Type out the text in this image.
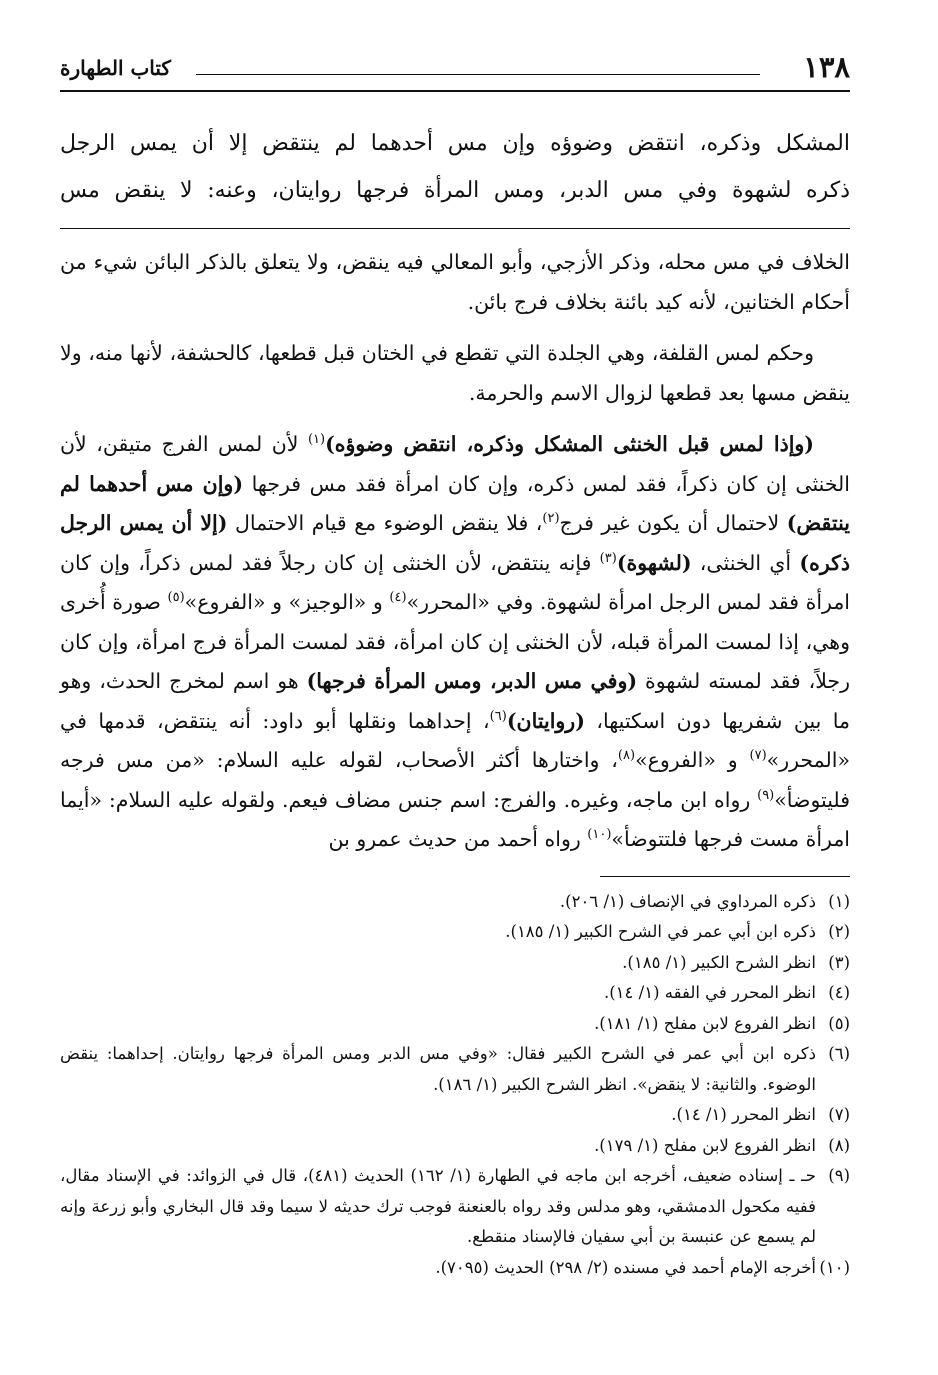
١٣٨
كتاب الطهارة

المشكل وذكره، انتقض وضوؤه وإن مس أحدهما لم ينتقض إلا أن يمس الرجل

ذكره لشهوة وفي مس الدبر، ومس المرأة فرجها روايتان، وعنه: لا ينقض مس

الخلاف في مس محله، وذكر الأزجي، وأبو المعالي فيه ينقض، ولا يتعلق بالذكر البائن شيء من أحكام الختانين، لأنه كيد بائنة بخلاف فرج بائن.

وحكم لمس القلفة، وهي الجلدة التي تقطع في الختان قبل قطعها، كالحشفة، لأنها منه، ولا ينقض مسها بعد قطعها لزوال الاسم والحرمة.

(وإذا لمس قبل الخنثى المشكل وذكره، انتقض وضوؤه)$^{(١)}$ لأن لمس الفرج متيقن، لأن الخنثى إن كان ذكراً، فقد لمس ذكره، وإن كان امرأة فقد مس فرجها (وإن مس أحدهما لم ينتقض) لاحتمال أن يكون غير فرج$^{(٢)}$، فلا ينقض الوضوء مع قيام الاحتمال (إلا أن يمس الرجل ذكره) أي الخنثى، (لشهوة)$^{(٣)}$ فإنه ينتقض، لأن الخنثى إن كان رجلاً فقد لمس ذكراً، وإن كان امرأة فقد لمس الرجل امرأة لشهوة. وفي «المحرر»$^{(٤)}$ و «الوجيز» و «الفروع»$^{(٥)}$ صورة أُخرى وهي، إذا لمست المرأة قبله، لأن الخنثى إن كان امرأة، فقد لمست المرأة فرج امرأة، وإن كان رجلاً، فقد لمسته لشهوة (وفي مس الدبر، ومس المرأة فرجها) هو اسم لمخرج الحدث، وهو ما بين شفريها دون اسكتيها، (روايتان)$^{(٦)}$، إحداهما ونقلها أبو داود: أنه ينتقض، قدمها في «المحرر»$^{(٧)}$ و «الفروع»$^{(٨)}$، واختارها أكثر الأصحاب، لقوله عليه السلام: «من مس فرجه فليتوضأ»$^{(٩)}$ رواه ابن ماجه، وغيره. والفرج: اسم جنس مضاف فيعم. ولقوله عليه السلام: «أيما امرأة مست فرجها فلتتوضأ»$^{(١٠)}$ رواه أحمد من حديث عمرو بن

(١)
ذكره المرداوي في الإنصاف (١/ ٢٠٦).
(٢)
ذكره ابن أبي عمر في الشرح الكبير (١/ ١٨٥).
(٣)
انظر الشرح الكبير (١/ ١٨٥).
(٤)
انظر المحرر في الفقه (١/ ١٤).
(٥)
انظر الفروع لابن مفلح (١/ ١٨١).
(٦)
ذكره ابن أبي عمر في الشرح الكبير فقال: «وفي مس الدبر ومس المرأة فرجها روايتان. إحداهما: ينقض الوضوء. والثانية: لا ينقض». انظر الشرح الكبير (١/ ١٨٦).
(٧)
انظر المحرر (١/ ١٤).
(٨)
انظر الفروع لابن مفلح (١/ ١٧٩).
(٩)
حـ ـ إسناده ضعيف، أخرجه ابن ماجه في الطهارة (١/ ١٦٢) الحديث (٤٨١)، قال في الزوائد: في الإسناد مقال، ففيه مكحول الدمشقي، وهو مدلس وقد رواه بالعنعنة فوجب ترك حديثه لا سيما وقد قال البخاري وأبو زرعة وإنه لم يسمع عن عنبسة بن أبي سفيان فالإسناد منقطع.
(١٠)
أخرجه الإمام أحمد في مسنده (٢/ ٢٩٨) الحديث (٧٠٩٥).
